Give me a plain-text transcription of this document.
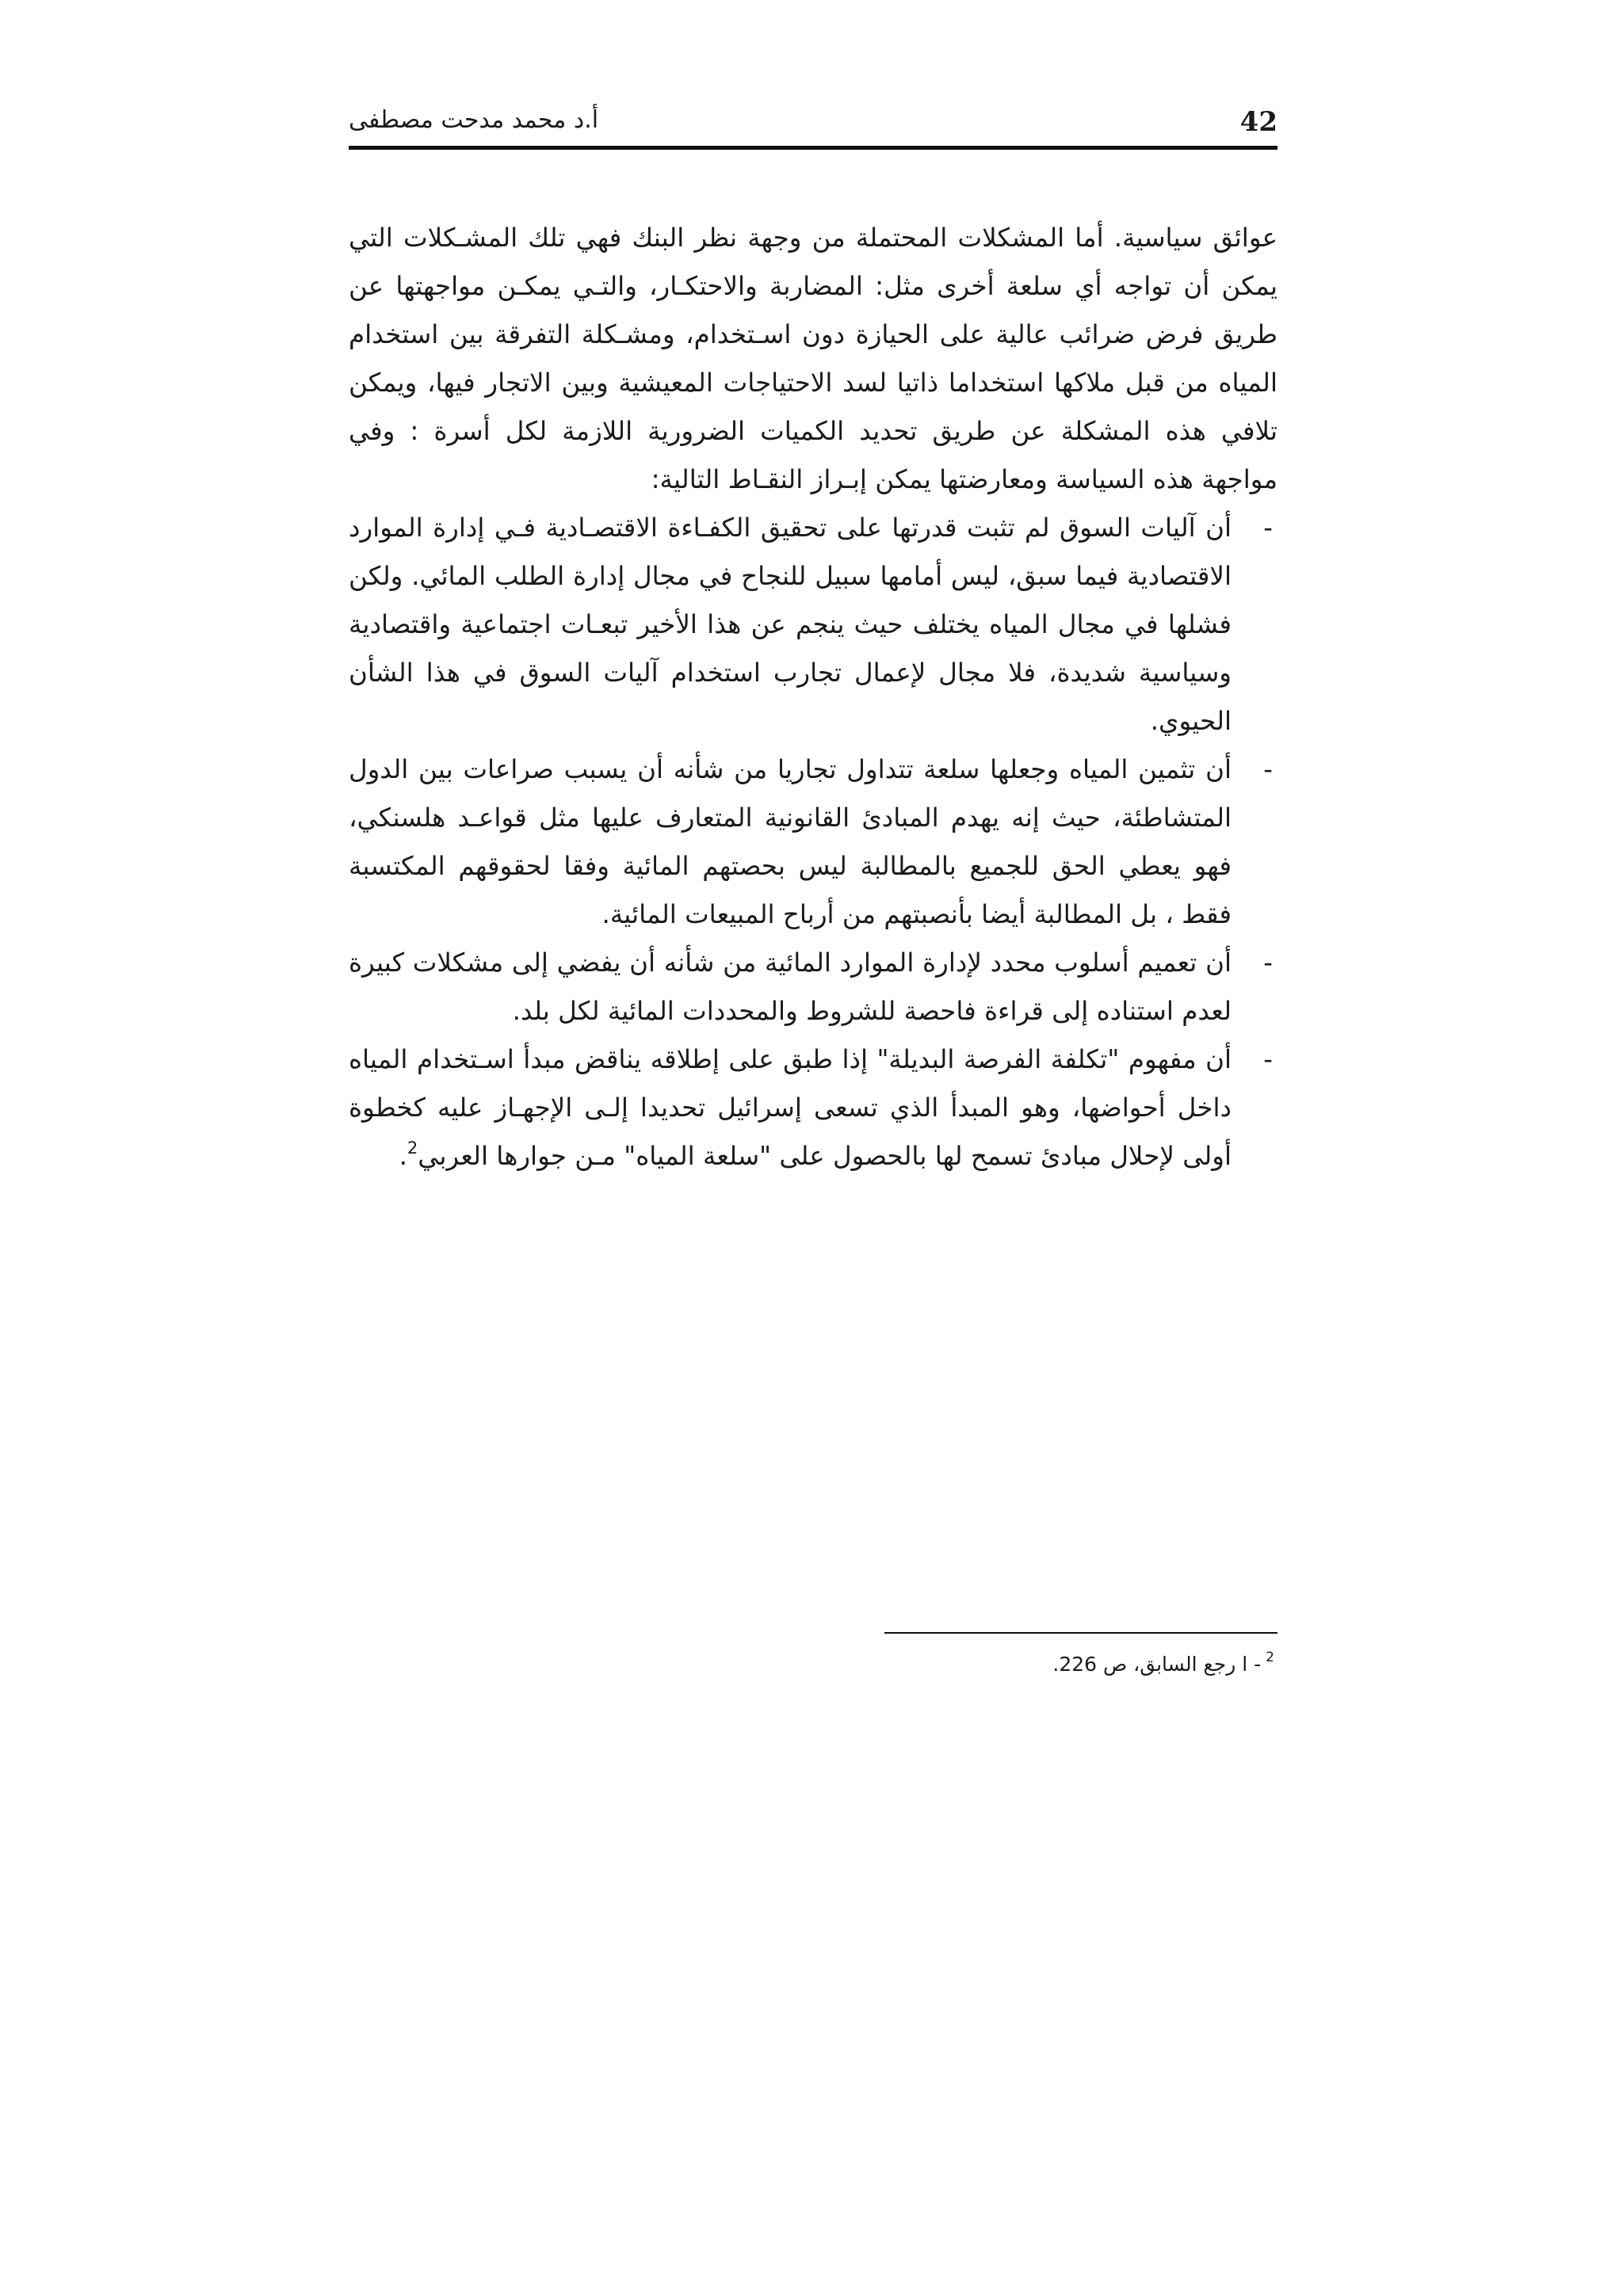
42
أ.د محمد مدحت مصطفى

عوائق سياسية. أما المشكلات المحتملة من وجهة نظر البنك فهي تلك المشـكلات التي يمكن أن تواجه أي سلعة أخرى مثل: المضاربة والاحتكـار، والتـي يمكـن مواجهتها عن طريق فرض ضرائب عالية على الحيازة دون اسـتخدام، ومشـكلة التفرقة بين استخدام المياه من قبل ملاكها استخداما ذاتيا لسد الاحتياجات المعيشية وبين الاتجار فيها، ويمكن تلافي هذه المشكلة عن طريق تحديد الكميات الضرورية اللازمة لكل أسرة : وفي مواجهة هذه السياسة ومعارضتها يمكن إبـراز النقـاط التالية:

-
أن آليات السوق لم تثبت قدرتها على تحقيق الكفـاءة الاقتصـادية فـي إدارة الموارد الاقتصادية فيما سبق، ليس أمامها سبيل للنجاح في مجال إدارة الطلب المائي. ولكن فشلها في مجال المياه يختلف حيث ينجم عن هذا الأخير تبعـات اجتماعية واقتصادية وسياسية شديدة، فلا مجال لإعمال تجارب استخدام آليات السوق في هذا الشأن الحيوي.
-
أن تثمين المياه وجعلها سلعة تتداول تجاريا من شأنه أن يسبب صراعات بين الدول المتشاطئة، حيث إنه يهدم المبادئ القانونية المتعارف عليها مثل قواعـد هلسنكي، فهو يعطي الحق للجميع بالمطالبة ليس بحصتهم المائية وفقا لحقوقهم المكتسبة فقط ، بل المطالبة أيضا بأنصبتهم من أرباح المبيعات المائية.
-
أن تعميم أسلوب محدد لإدارة الموارد المائية من شأنه أن يفضي إلى مشكلات كبيرة لعدم استناده إلى قراءة فاحصة للشروط والمحددات المائية لكل بلد.
-
أن مفهوم "تكلفة الفرصة البديلة" إذا طبق على إطلاقه يناقض مبدأ اسـتخدام المياه داخل أحواضها، وهو المبدأ الذي تسعى إسرائيل تحديدا إلـى الإجهـاز عليه كخطوة أولى لإحلال مبادئ تسمح لها بالحصول على "سلعة المياه" مـن جوارها العربي$^2$.
$^2$- ا رجع السابق، ص 226.
